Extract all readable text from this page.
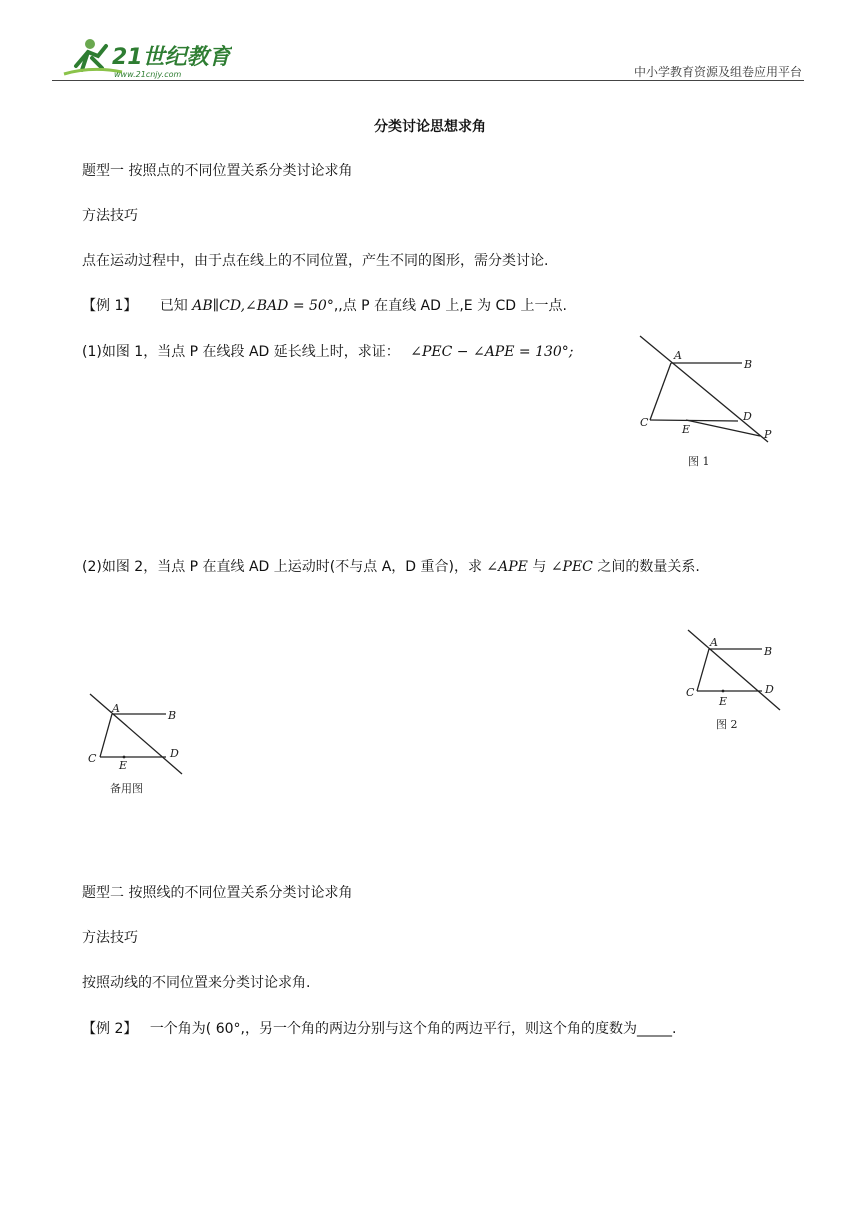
21世纪教育
www.21cnjy.com	中小学教育资源及组卷应用平台
分类讨论思想求角
题型一 按照点的不同位置关系分类讨论求角
方法技巧
点在运动过程中，由于点在线上的不同位置，产生不同的图形，需分类讨论.
【例 1】 已知 AB∥CD,∠BAD = 50°,,点 P 在直线 AD 上,E 为 CD 上一点.
(1)如图 1，当点 P 在线段 AD 延长线上时，求证： ∠PEC − ∠APE = 130°;	A
B
C	D
E	P
图 1
(2)如图 2，当点 P 在直线 AD 上运动时(不与点 A，D 重合)，求 ∠APE 与 ∠PEC 之间的数量关系.
A
B
C	D
E
图 2
A
B
C	D
E
备用图
题型二 按照线的不同位置关系分类讨论求角
方法技巧
按照动线的不同位置来分类讨论求角.
【例 2】 一个角为( 60°,，另一个角的两边分别与这个角的两边平行，则这个角的度数为_____.
